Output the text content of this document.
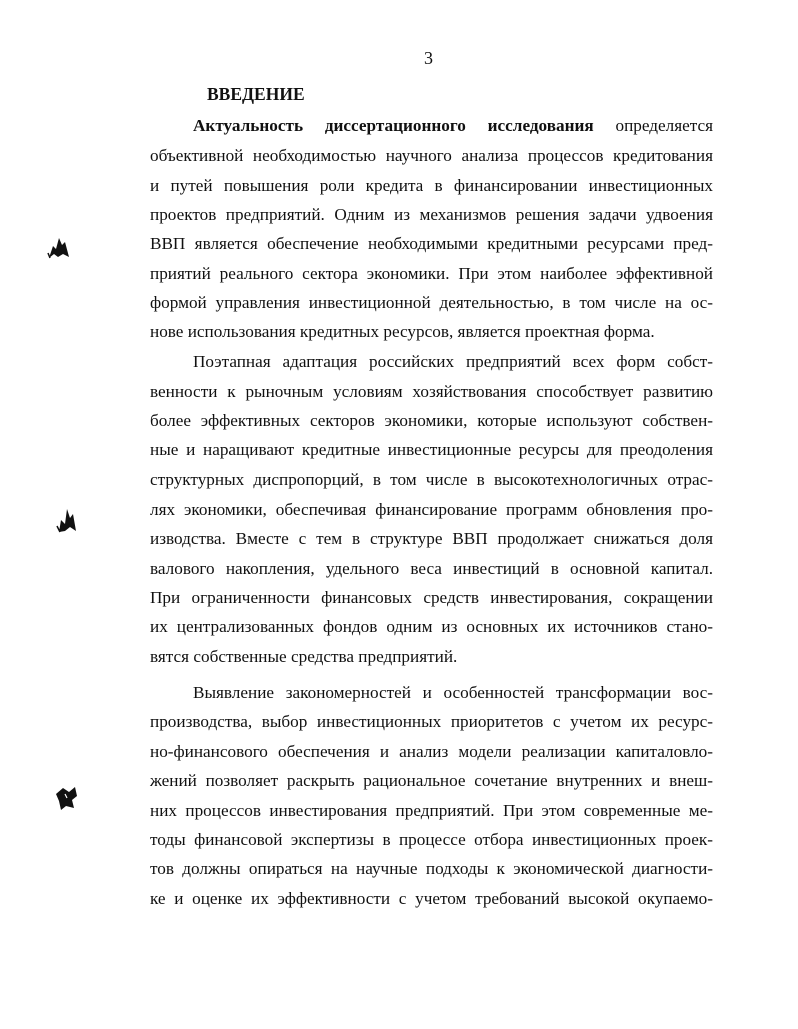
3
ВВЕДЕНИЕ
Актуальность диссертационного исследования определяется
объективной необходимостью научного анализа процессов кредитования
и путей повышения роли кредита в финансировании инвестиционных
проектов предприятий. Одним из механизмов решения задачи удвоения
ВВП является обеспечение необходимыми кредитными ресурсами пред-
приятий реального сектора экономики. При этом наиболее эффективной
формой управления инвестиционной деятельностью, в том числе на ос-
нове использования кредитных ресурсов, является проектная форма.
Поэтапная адаптация российских предприятий всех форм собст-
венности к рыночным условиям хозяйствования способствует развитию
более эффективных секторов экономики, которые используют собствен-
ные и наращивают кредитные инвестиционные ресурсы для преодоления
структурных диспропорций, в том числе в высокотехнологичных отрас-
лях экономики, обеспечивая финансирование программ обновления про-
изводства. Вместе с тем в структуре ВВП продолжает снижаться доля
валового накопления, удельного веса инвестиций в основной капитал.
При ограниченности финансовых средств инвестирования, сокращении
их централизованных фондов одним из основных их источников стано-
вятся собственные средства предприятий.
Выявление закономерностей и особенностей трансформации вос-
производства, выбор инвестиционных приоритетов с учетом их ресурс-
но-финансового обеспечения и анализ модели реализации капиталовло-
жений позволяет раскрыть рациональное сочетание внутренних и внеш-
них процессов инвестирования предприятий. При этом современные ме-
тоды финансовой экспертизы в процессе отбора инвестиционных проек-
тов должны опираться на научные подходы к экономической диагности-
ке и оценке их эффективности с учетом требований высокой окупаемо-
